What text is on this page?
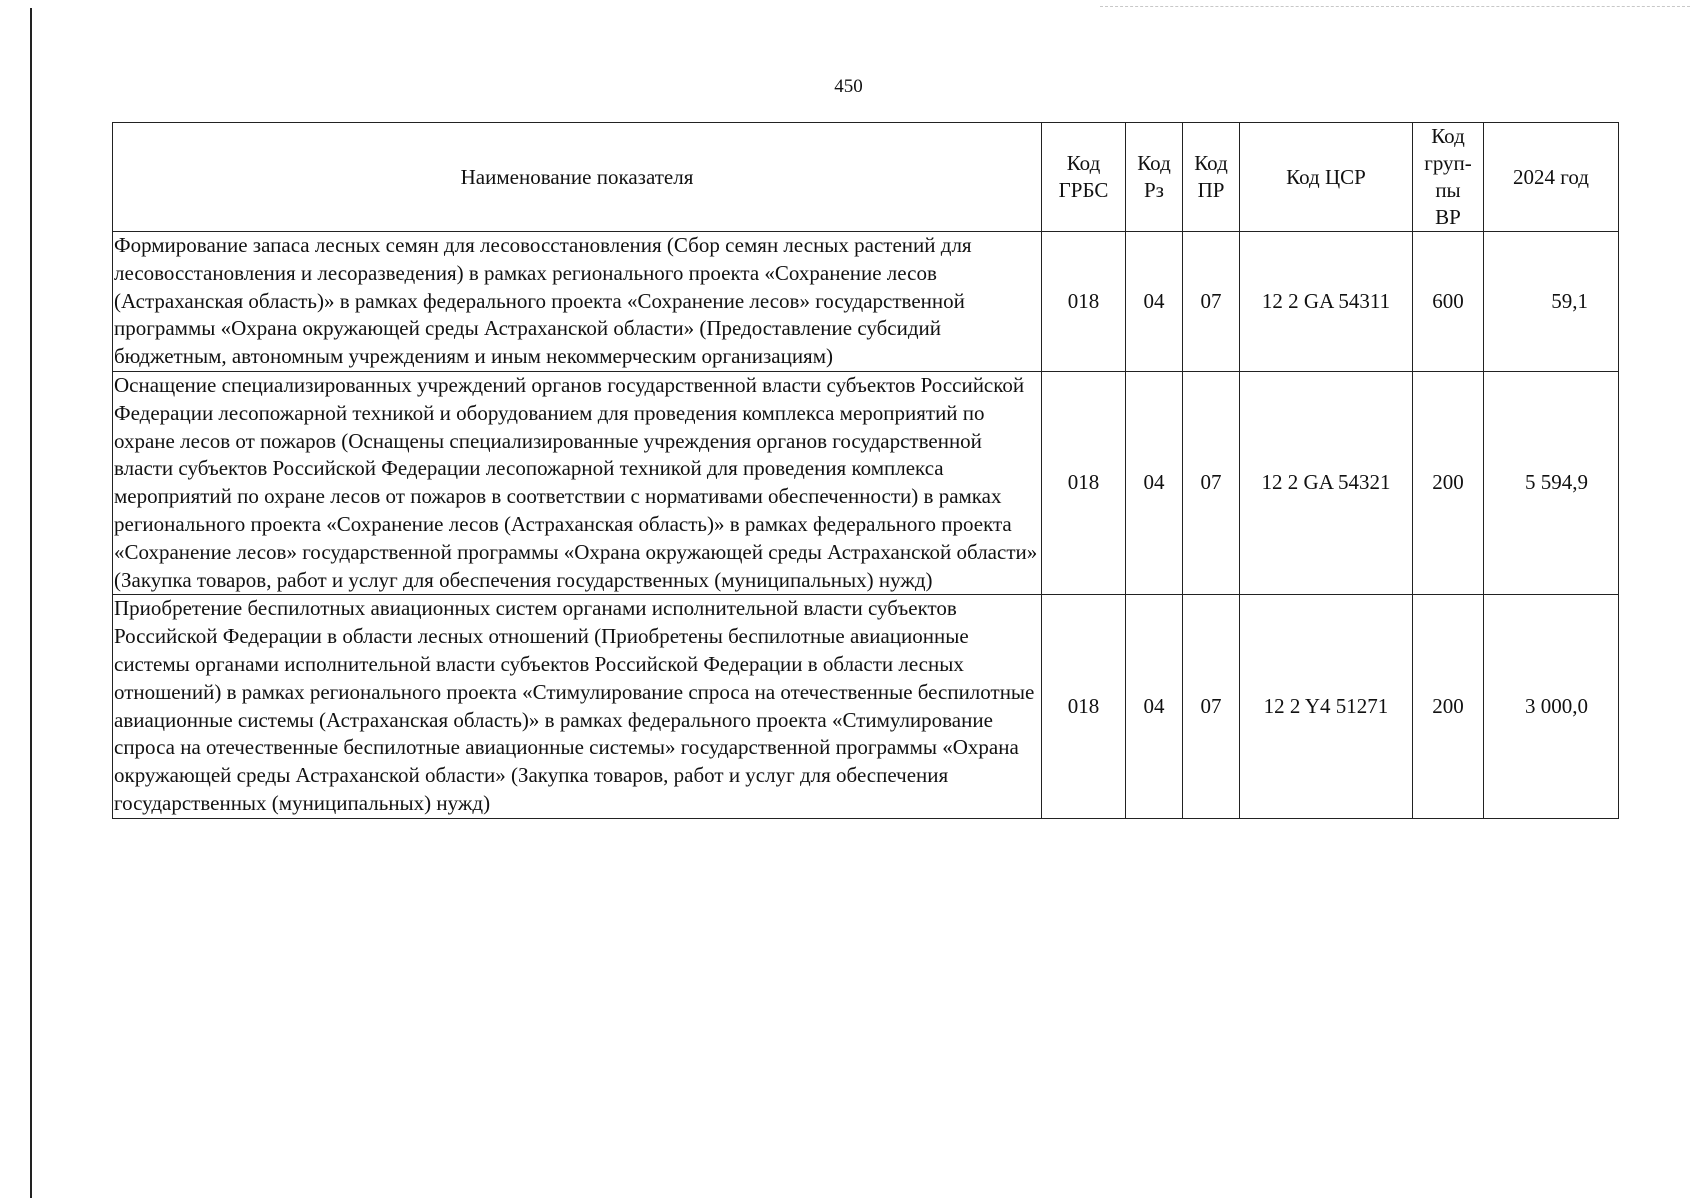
450
Наименование показателя	Код ГРБС	Код Рз	Код ПР	Код ЦСР	Код груп-пы ВР	2024 год
Формирование запаса лесных семян для лесовосстановления (Сбор семян лесных растений для лесовосстановления и лесоразведения) в рамках регионального проекта «Сохранение лесов (Астраханская область)» в рамках федерального проекта «Сохранение лесов» государственной программы «Охрана окружающей среды Астраханской области» (Предоставление субсидий бюджетным, автономным учреждениям и иным некоммерческим организациям)	018	04	07	12 2 GA 54311	600	59,1
Оснащение специализированных учреждений органов государственной власти субъектов Российской Федерации лесопожарной техникой и оборудованием для проведения комплекса мероприятий по охране лесов от пожаров (Оснащены специализированные учреждения органов государственной власти субъектов Российской Федерации лесопожарной техникой для проведения комплекса мероприятий по охране лесов от пожаров в соответствии с нормативами обеспеченности) в рамках регионального проекта «Сохранение лесов (Астраханская область)» в рамках федерального проекта «Сохранение лесов» государственной программы «Охрана окружающей среды Астраханской области» (Закупка товаров, работ и услуг для обеспечения государственных (муниципальных) нужд)	018	04	07	12 2 GA 54321	200	5 594,9
Приобретение беспилотных авиационных систем органами исполнительной власти субъектов Российской Федерации в области лесных отношений (Приобретены беспилотные авиационные системы органами исполнительной власти субъектов Российской Федерации в области лесных отношений) в рамках регионального проекта «Стимулирование спроса на отечественные беспилотные авиационные системы (Астраханская область)» в рамках федерального проекта «Стимулирование спроса на отечественные беспилотные авиационные системы» государственной программы «Охрана окружающей среды Астраханской области» (Закупка товаров, работ и услуг для обеспечения государственных (муниципальных) нужд)	018	04	07	12 2 Y4 51271	200	3 000,0
